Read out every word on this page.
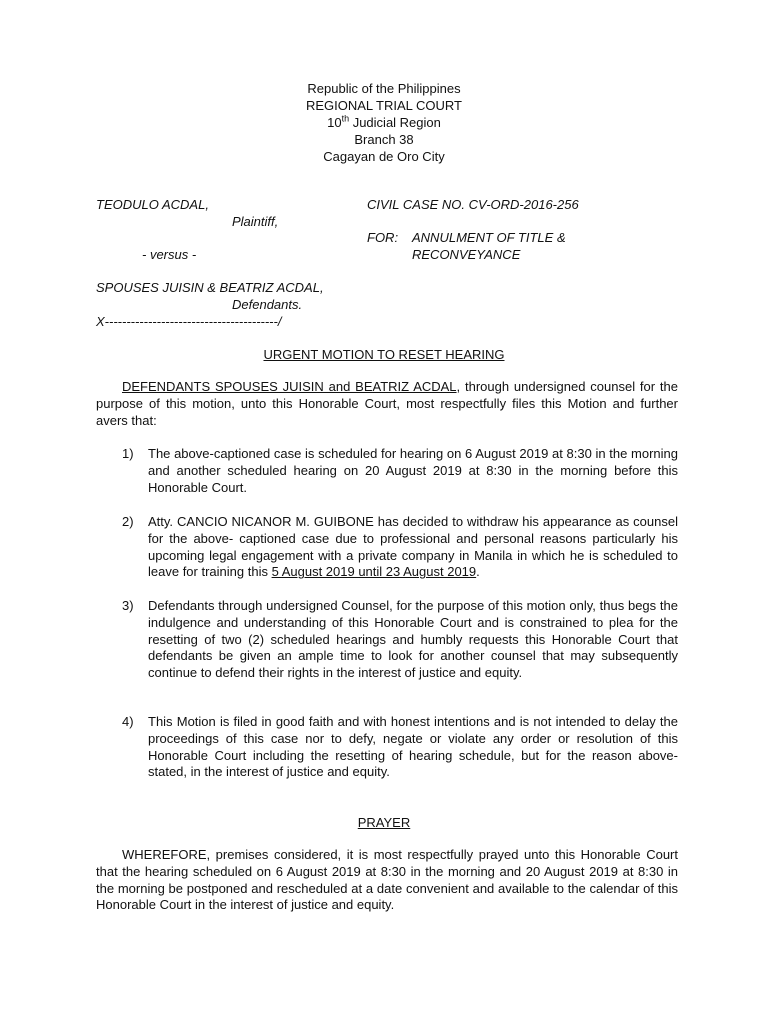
Republic of the Philippines
REGIONAL TRIAL COURT
10th Judicial Region
Branch 38
Cagayan de Oro City
TEODULO ACDAL,
Plaintiff,
- versus -
SPOUSES JUISIN & BEATRIZ ACDAL,
Defendants.
X----------------------------------------/
CIVIL CASE NO. CV-ORD-2016-256
FOR: ANNULMENT OF TITLE &
RECONVEYANCE
URGENT MOTION TO RESET HEARING
DEFENDANTS SPOUSES JUISIN and BEATRIZ ACDAL, through undersigned counsel for the purpose of this motion, unto this Honorable Court, most respectfully files this Motion and further avers that:
1) The above-captioned case is scheduled for hearing on 6 August 2019 at 8:30 in the morning and another scheduled hearing on 20 August 2019 at 8:30 in the morning before this Honorable Court.
2) Atty. CANCIO NICANOR M. GUIBONE has decided to withdraw his appearance as counsel for the above- captioned case due to professional and personal reasons particularly his upcoming legal engagement with a private company in Manila in which he is scheduled to leave for training this 5 August 2019 until 23 August 2019.
3) Defendants through undersigned Counsel, for the purpose of this motion only, thus begs the indulgence and understanding of this Honorable Court and is constrained to plea for the resetting of two (2) scheduled hearings and humbly requests this Honorable Court that defendants be given an ample time to look for another counsel that may subsequently continue to defend their rights in the interest of justice and equity.
4) This Motion is filed in good faith and with honest intentions and is not intended to delay the proceedings of this case nor to defy, negate or violate any order or resolution of this Honorable Court including the resetting of hearing schedule, but for the reason above-stated, in the interest of justice and equity.
PRAYER
WHEREFORE, premises considered, it is most respectfully prayed unto this Honorable Court that the hearing scheduled on 6 August 2019 at 8:30 in the morning and 20 August 2019 at 8:30 in the morning be postponed and rescheduled at a date convenient and available to the calendar of this Honorable Court in the interest of justice and equity.
